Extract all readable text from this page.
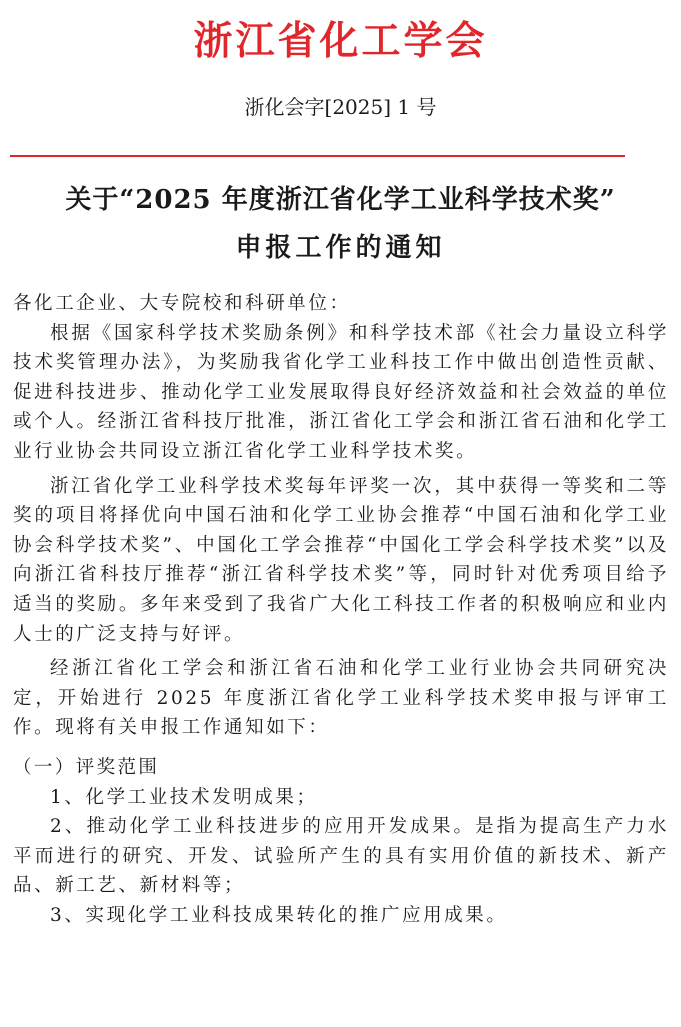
浙江省化工学会
浙化会字[2025] 1 号
关于“2025 年度浙江省化学工业科学技术奖”
申报工作的通知

各化工企业、大专院校和科研单位：

根据《国家科学技术奖励条例》和科学技术部《社会力量设立科学技术奖管理办法》，为奖励我省化学工业科技工作中做出创造性贡献、促进科技进步、推动化学工业发展取得良好经济效益和社会效益的单位或个人。经浙江省科技厅批准，浙江省化工学会和浙江省石油和化学工业行业协会共同设立浙江省化学工业科学技术奖。

浙江省化学工业科学技术奖每年评奖一次，其中获得一等奖和二等奖的项目将择优向中国石油和化学工业协会推荐“中国石油和化学工业协会科学技术奖”、中国化工学会推荐“中国化工学会科学技术奖”以及向浙江省科技厅推荐“浙江省科学技术奖”等，同时针对优秀项目给予适当的奖励。多年来受到了我省广大化工科技工作者的积极响应和业内人士的广泛支持与好评。

经浙江省化工学会和浙江省石油和化学工业行业协会共同研究决定，开始进行 2025 年度浙江省化学工业科学技术奖申报与评审工作。现将有关申报工作通知如下：

（一）评奖范围

1、化学工业技术发明成果；

2、推动化学工业科技进步的应用开发成果。是指为提高生产力水平而进行的研究、开发、试验所产生的具有实用价值的新技术、新产品、新工艺、新材料等；

3、实现化学工业科技成果转化的推广应用成果。
